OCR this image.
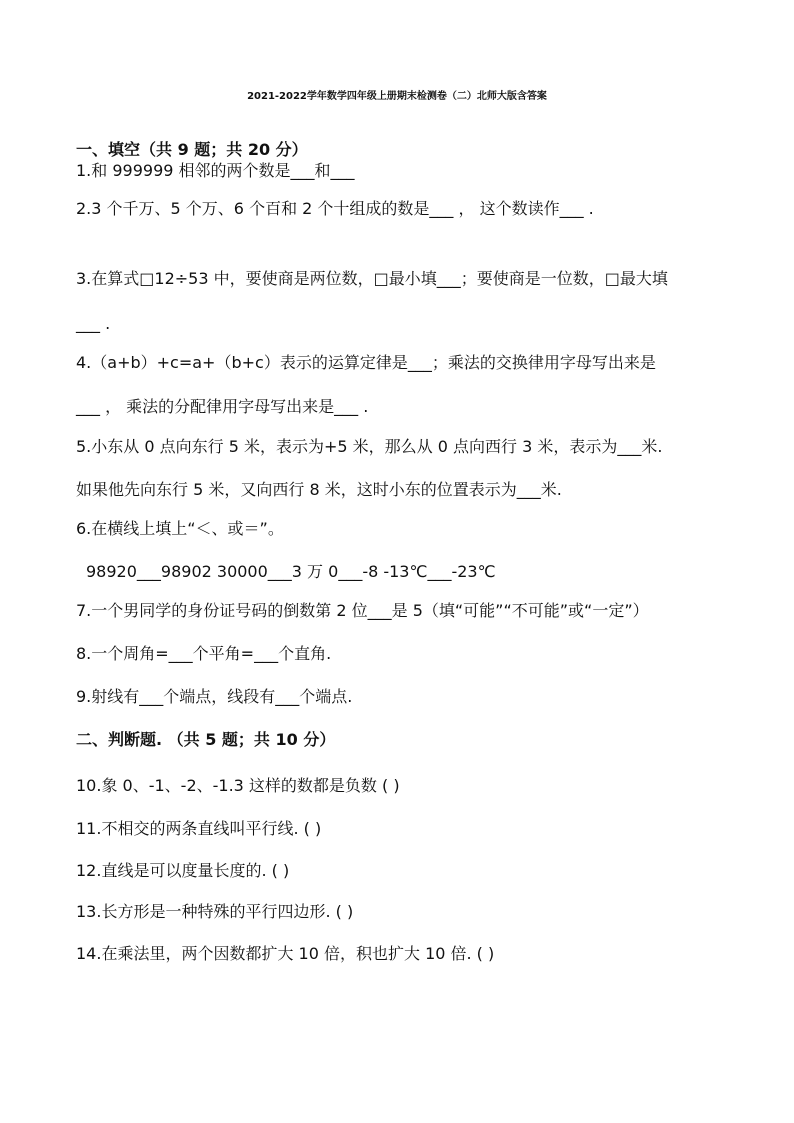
2021-2022学年数学四年级上册期末检测卷（二）北师大版含答案
一、填空（共 9 题；共 20 分）
1.和 999999 相邻的两个数是___和___
2.3 个千万、5 个万、6 个百和 2 个十组成的数是___ ， 这个数读作___ .
3.在算式□12÷53 中，要使商是两位数，□最小填___；要使商是一位数，□最大填
___ .
4.（a+b）+c=a+（b+c）表示的运算定律是___；乘法的交换律用字母写出来是
___ ， 乘法的分配律用字母写出来是___ .
5.小东从 0 点向东行 5 米，表示为+5 米，那么从 0 点向西行 3 米，表示为___米.
如果他先向东行 5 米，又向西行 8 米，这时小东的位置表示为___米.
6.在横线上填上“＜、或＝”。
98920___98902 30000___3 万 0___-8 -13℃___-23℃
7.一个男同学的身份证号码的倒数第 2 位___是 5（填“可能”“不可能”或“一定”）
8.一个周角=___个平角=___个直角.
9.射线有___个端点，线段有___个端点.
二、判断题. （共 5 题；共 10 分）
10.象 0、-1、-2、-1.3 这样的数都是负数 ( )
11.不相交的两条直线叫平行线. ( )
12.直线是可以度量长度的. ( )
13.长方形是一种特殊的平行四边形. ( )
14.在乘法里，两个因数都扩大 10 倍，积也扩大 10 倍. ( )
